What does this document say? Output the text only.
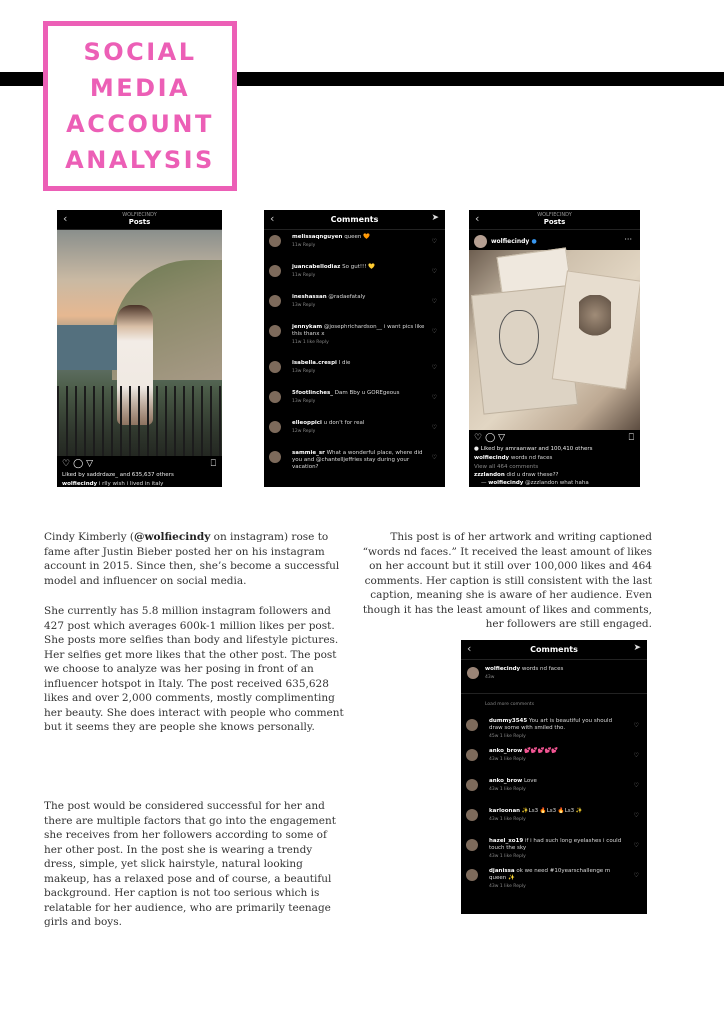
SOCIAL
MEDIA
ACCOUNT
ANALYSIS
‹	WOLFIECINDY
Posts
♡◯▽	⎕
Liked by saddrdaze_ and 635,637 others
wolfiecindy i rlly wish i lived in italy
‹	Comments	➤
melissaqnguyen queen 🧡
11w Reply
♡
juancabellodiaz So gut!!! 💛
11w Reply
♡
ineshassan @radaefataly
13w Reply
♡
jennykam @josephrichardson__ i want pics like this thanx x
11w 1 like Reply
♡
isabella.crespi I die
13w Reply
♡
5footlinches_ Dam Bby u GOREgeous
13w Reply
♡
elleoppici u don't for real
12w Reply
♡
sammie_sr What a wonderful place, where did you and @chantelljeffries stay during your vacation?
♡
‹	WOLFIECINDY
Posts
wolfiecindy ●	···
♡◯▽	⎕
● Liked by amraanwar and 100,410 others
wolfiecindy words nd faces
View all 464 comments
zzzlandon did u draw these??
— wolfiecindy @zzzlandon what haha
‹	Comments	➤
wolfiecindy words nd faces
43w
Load more comments
dummy3545 You art is beautiful you should draw some with smiled tho.
45w 1 like Reply
♡
anko_brow 💕💕💕💕💕
43w 1 like Reply
♡
anko_brow Love
43w 1 like Reply
♡
karloonan ✨Ls3 🔥Ls3 🔥Ls3 ✨
43w 1 like Reply
♡
hazel_xo19 if i had such long eyelashes i could touch the sky
43w 1 like Reply
♡
djanissa ok we need #10yearschallenge m queen ✨
43w 1 like Reply
♡

Cindy Kimberly (@wolfiecindy on instagram) rose to fame after Justin Bieber posted her on his instagram account in 2015. Since then, she’s become a successful model and influencer on social media.

She currently has 5.8 million instagram followers and 427 post which averages 600k-1 million likes per post. She posts more selfies than body and lifestyle pictures. Her selfies get more likes that the other post. The post we choose to analyze was her posing in front of an influencer hotspot in Italy. The post received 635,628 likes and over 2,000 comments, mostly complimenting her beauty. She does interact with people who comment but it seems they are people she knows personally.

The post would be considered successful for her and there are multiple factors that go into the engagement she receives from her followers according to some of her other post. In the post she is wearing a trendy dress, simple, yet slick hairstyle, natural looking makeup, has a relaxed pose and of course, a beautiful background. Her caption is not too serious which is relatable for her audience, who are primarily teenage girls and boys.

This post is of her artwork and writing captioned “words nd faces.” It received the least amount of likes on her account but it still over 100,000 likes and 464 comments. Her caption is still consistent with the last caption, meaning she is aware of her audience. Even though it has the least amount of likes and comments, her followers are still engaged.
